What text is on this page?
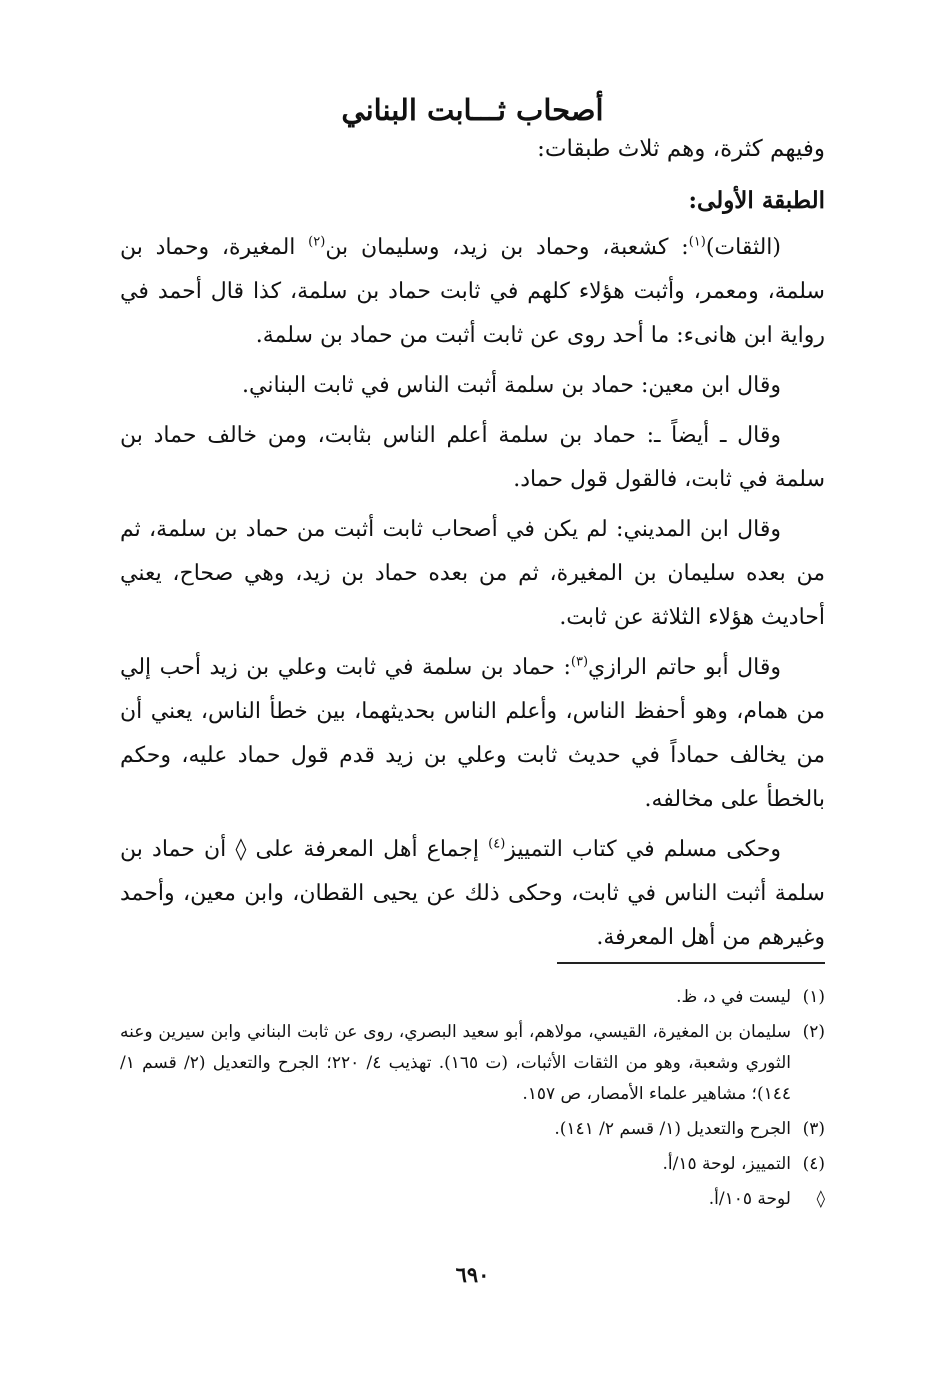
أصحاب ثـــابت البناني

وفيهم كثرة، وهم ثلاث طبقات:

الطبقة الأولى:

(الثقات)$^{(١)}$: كشعبة، وحماد بن زيد، وسليمان بن$^{(٢)}$ المغيرة، وحماد بن سلمة، ومعمر، وأثبت هؤلاء كلهم في ثابت حماد بن سلمة، كذا قال أحمد في رواية ابن هانىء: ما أحد روى عن ثابت أثبت من حماد بن سلمة.

وقال ابن معين: حماد بن سلمة أثبت الناس في ثابت البناني.

وقال ـ أيضاً ـ: حماد بن سلمة أعلم الناس بثابت، ومن خالف حماد بن سلمة في ثابت، فالقول قول حماد.

وقال ابن المديني: لم يكن في أصحاب ثابت أثبت من حماد بن سلمة، ثم من بعده سليمان بن المغيرة، ثم من بعده حماد بن زيد، وهي صحاح، يعني أحاديث هؤلاء الثلاثة عن ثابت.

وقال أبو حاتم الرازي$^{(٣)}$: حماد بن سلمة في ثابت وعلي بن زيد أحب إلي من همام، وهو أحفظ الناس، وأعلم الناس بحديثهما، بين خطأ الناس، يعني أن من يخالف حماداً في حديث ثابت وعلي بن زيد قدم قول حماد عليه، وحكم بالخطأ على مخالفه.

وحكى مسلم في كتاب التمييز$^{(٤)}$ إجماع أهل المعرفة على ◊ أن حماد بن سلمة أثبت الناس في ثابت، وحكى ذلك عن يحيى القطان، وابن معين، وأحمد وغيرهم من أهل المعرفة.

(١)
ليست في د، ظ.
(٢)
سليمان بن المغيرة، القيسي، مولاهم، أبو سعيد البصري، روى عن ثابت البناني وابن سيرين وعنه الثوري وشعبة، وهو من الثقات الأثبات، (ت ١٦٥). تهذيب ٤/ ٢٢٠؛ الجرح والتعديل (٢/ قسم ١/ ١٤٤)؛ مشاهير علماء الأمصار، ص ١٥٧.
(٣)
الجرح والتعديل (١/ قسم ٢/ ١٤١).
(٤)
التمييز، لوحة ١٥/أ.
◊
لوحة ١٠٥/أ.
٦٩٠
